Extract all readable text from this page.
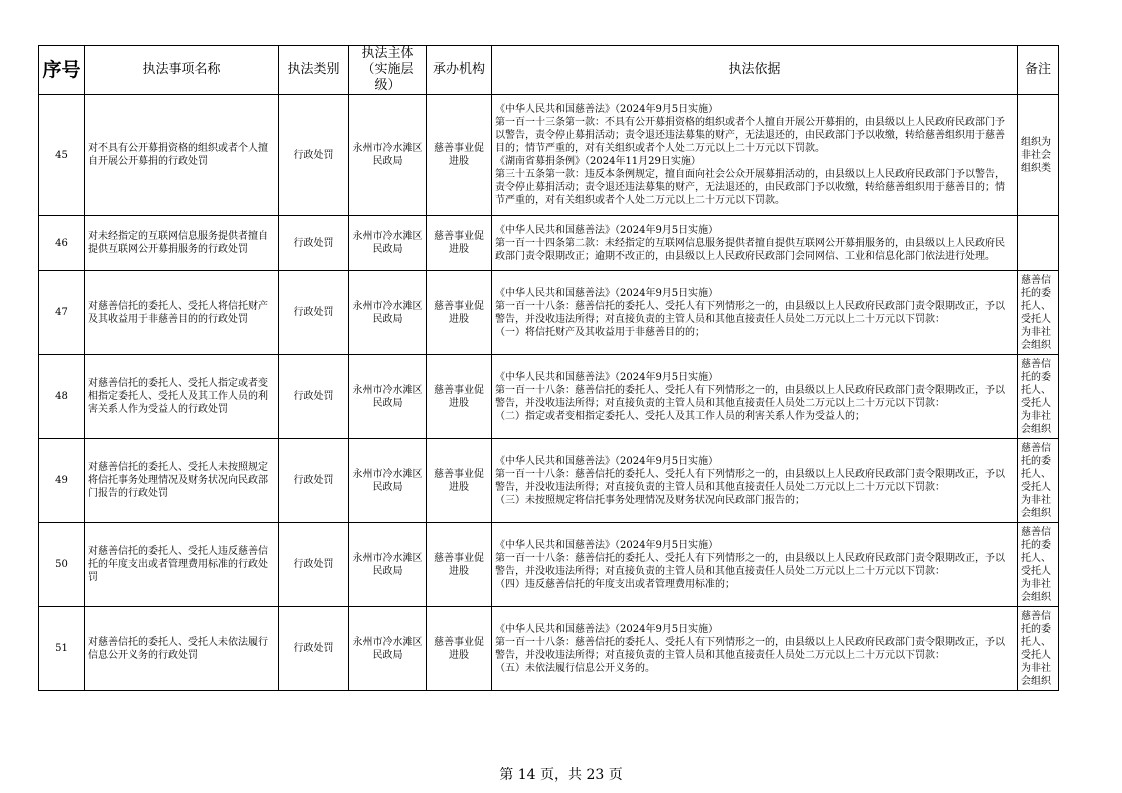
序号	执法事项名称	执法类别	执法主体（实施层级）	承办机构	执法依据	备注
45	对不具有公开募捐资格的组织或者个人擅自开展公开募捐的行政处罚	行政处罚	永州市冷水滩区民政局	慈善事业促进股	《中华人民共和国慈善法》（2024年9月5日实施）
第一百一十三条第一款：不具有公开募捐资格的组织或者个人擅自开展公开募捐的，由县级以上人民政府民政部门予以警告，责令停止募捐活动；责令退还违法募集的财产，无法退还的，由民政部门予以收缴，转给慈善组织用于慈善目的；情节严重的，对有关组织或者个人处二万元以上二十万元以下罚款。
《湖南省募捐条例》（2024年11月29日实施）
第三十五条第一款：违反本条例规定，擅自面向社会公众开展募捐活动的，由县级以上人民政府民政部门予以警告，责令停止募捐活动；责令退还违法募集的财产，无法退还的，由民政部门予以收缴，转给慈善组织用于慈善目的；情节严重的，对有关组织或者个人处二万元以上二十万元以下罚款。	组织为非社会组织类
46	对未经指定的互联网信息服务提供者擅自提供互联网公开募捐服务的行政处罚	行政处罚	永州市冷水滩区民政局	慈善事业促进股	《中华人民共和国慈善法》（2024年9月5日实施）
第一百一十四条第二款：未经指定的互联网信息服务提供者擅自提供互联网公开募捐服务的，由县级以上人民政府民政部门责令限期改正；逾期不改正的，由县级以上人民政府民政部门会同网信、工业和信息化部门依法进行处理。	

47	对慈善信托的委托人、受托人将信托财产及其收益用于非慈善目的的行政处罚	行政处罚	永州市冷水滩区民政局	慈善事业促进股	《中华人民共和国慈善法》（2024年9月5日实施）
第一百一十八条：慈善信托的委托人、受托人有下列情形之一的，由县级以上人民政府民政部门责令限期改正，予以警告，并没收违法所得；对直接负责的主管人员和其他直接责任人员处二万元以上二十万元以下罚款：
（一）将信托财产及其收益用于非慈善目的的；	慈善信托的委托人、受托人为非社会组织
48	对慈善信托的委托人、受托人指定或者变相指定委托人、受托人及其工作人员的利害关系人作为受益人的行政处罚	行政处罚	永州市冷水滩区民政局	慈善事业促进股	《中华人民共和国慈善法》（2024年9月5日实施）
第一百一十八条：慈善信托的委托人、受托人有下列情形之一的，由县级以上人民政府民政部门责令限期改正，予以警告，并没收违法所得；对直接负责的主管人员和其他直接责任人员处二万元以上二十万元以下罚款：
（二）指定或者变相指定委托人、受托人及其工作人员的利害关系人作为受益人的；	慈善信托的委托人、受托人为非社会组织
49	对慈善信托的委托人、受托人未按照规定将信托事务处理情况及财务状况向民政部门报告的行政处罚	行政处罚	永州市冷水滩区民政局	慈善事业促进股	《中华人民共和国慈善法》（2024年9月5日实施）
第一百一十八条：慈善信托的委托人、受托人有下列情形之一的，由县级以上人民政府民政部门责令限期改正，予以警告，并没收违法所得；对直接负责的主管人员和其他直接责任人员处二万元以上二十万元以下罚款：
（三）未按照规定将信托事务处理情况及财务状况向民政部门报告的；	慈善信托的委托人、受托人为非社会组织
50	对慈善信托的委托人、受托人违反慈善信托的年度支出或者管理费用标准的行政处罚	行政处罚	永州市冷水滩区民政局	慈善事业促进股	《中华人民共和国慈善法》（2024年9月5日实施）
第一百一十八条：慈善信托的委托人、受托人有下列情形之一的，由县级以上人民政府民政部门责令限期改正，予以警告，并没收违法所得；对直接负责的主管人员和其他直接责任人员处二万元以上二十万元以下罚款：
（四）违反慈善信托的年度支出或者管理费用标准的；	慈善信托的委托人、受托人为非社会组织
51	对慈善信托的委托人、受托人未依法履行信息公开义务的行政处罚	行政处罚	永州市冷水滩区民政局	慈善事业促进股	《中华人民共和国慈善法》（2024年9月5日实施）
第一百一十八条：慈善信托的委托人、受托人有下列情形之一的，由县级以上人民政府民政部门责令限期改正，予以警告，并没收违法所得；对直接负责的主管人员和其他直接责任人员处二万元以上二十万元以下罚款：
（五）未依法履行信息公开义务的。	慈善信托的委托人、受托人为非社会组织
第 14 页，共 23 页
